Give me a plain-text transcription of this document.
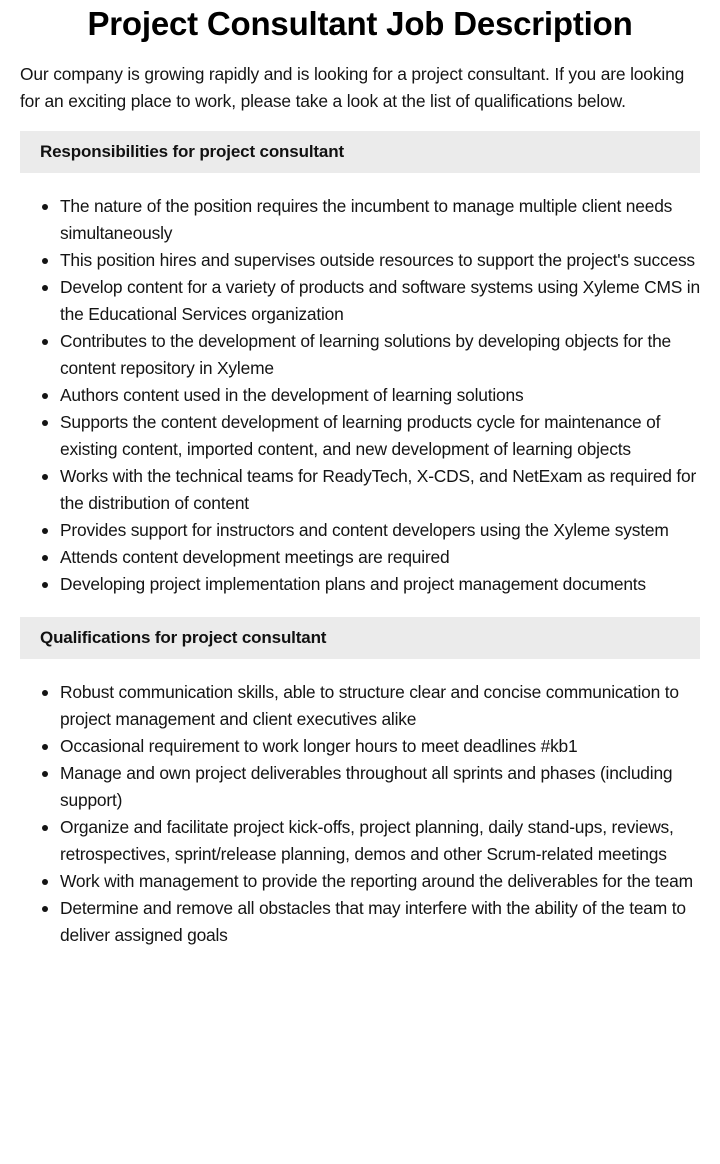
Project Consultant Job Description

Our company is growing rapidly and is looking for a project consultant. If you are looking for an exciting place to work, please take a look at the list of qualifications below.

Responsibilities for project consultant
The nature of the position requires the incumbent to manage multiple client needs simultaneously
This position hires and supervises outside resources to support the project's success
Develop content for a variety of products and software systems using Xyleme CMS in the Educational Services organization
Contributes to the development of learning solutions by developing objects for the content repository in Xyleme
Authors content used in the development of learning solutions
Supports the content development of learning products cycle for maintenance of existing content, imported content, and new development of learning objects
Works with the technical teams for ReadyTech, X-CDS, and NetExam as required for the distribution of content
Provides support for instructors and content developers using the Xyleme system
Attends content development meetings are required
Developing project implementation plans and project management documents
Qualifications for project consultant
Robust communication skills, able to structure clear and concise communication to project management and client executives alike
Occasional requirement to work longer hours to meet deadlines #kb1
Manage and own project deliverables throughout all sprints and phases (including support)
Organize and facilitate project kick-offs, project planning, daily stand-ups, reviews, retrospectives, sprint/release planning, demos and other Scrum-related meetings
Work with management to provide the reporting around the deliverables for the team
Determine and remove all obstacles that may interfere with the ability of the team to deliver assigned goals
